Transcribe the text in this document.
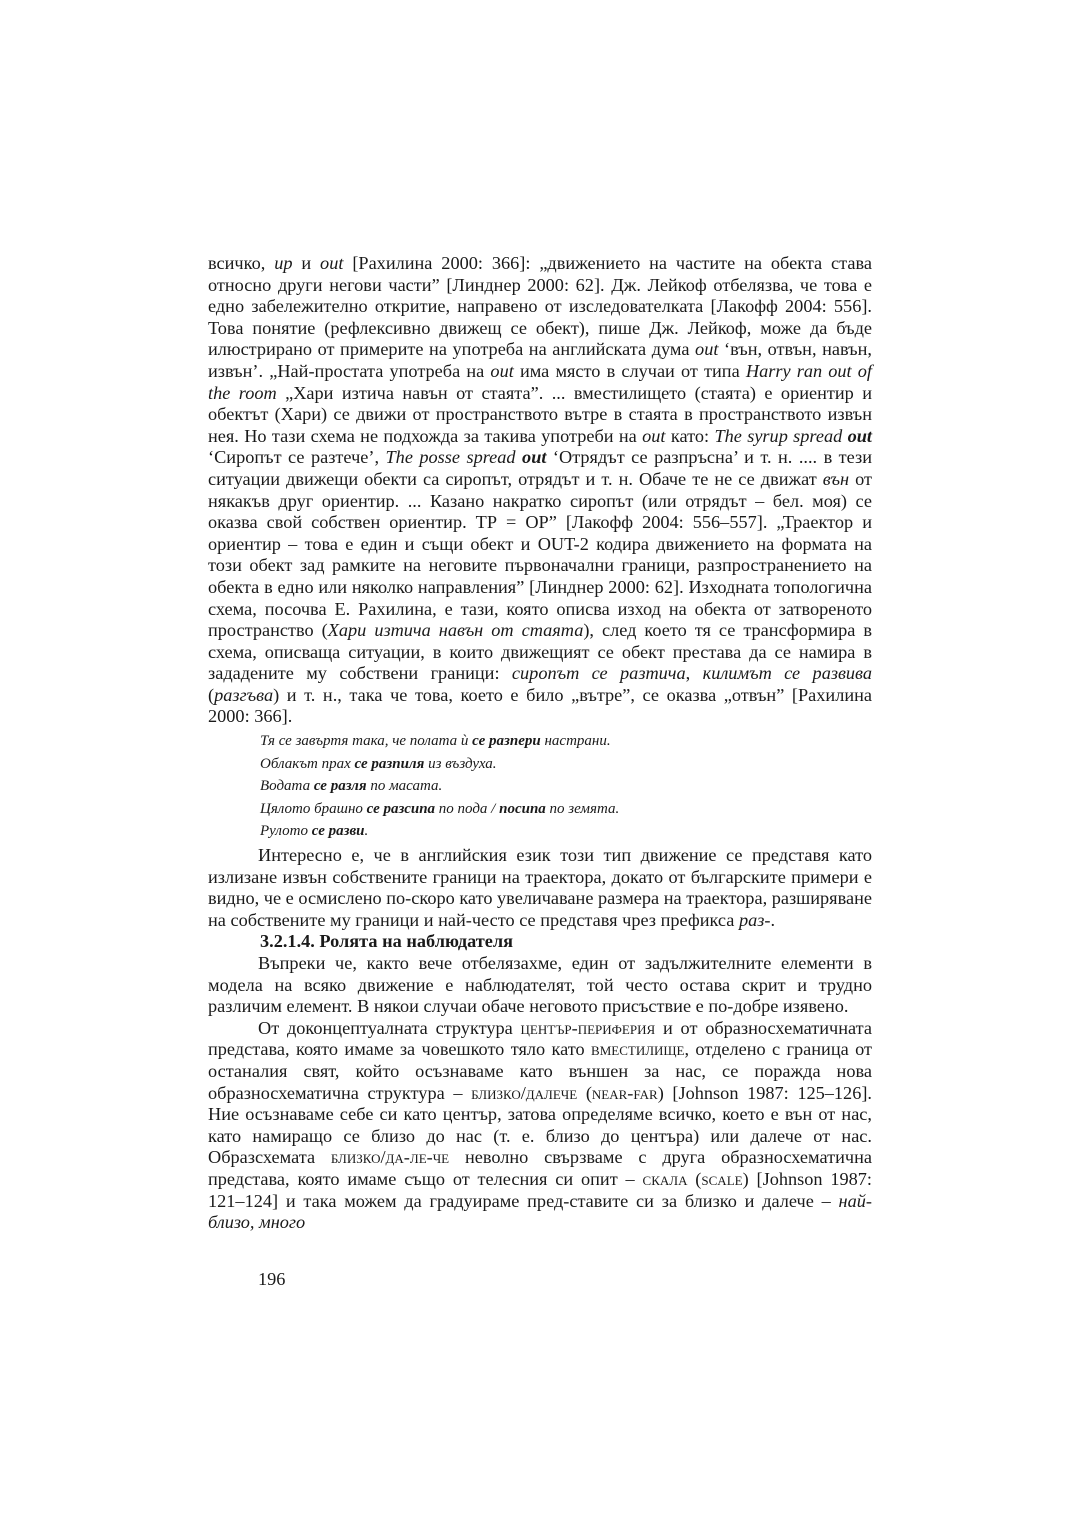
всичко, up и out [Рахилина 2000: 366]: „движението на частите на обекта става относно други негови части” [Линднер 2000: 62]. Дж. Лейкоф отбелязва, че това е едно забележително откритие, направено от изследователката [Лакофф 2004: 556]. Това понятие (рефлексивно движещ се обект), пише Дж. Лейкоф, може да бъде илюстрирано от примерите на употреба на английската дума out ‘вън, отвън, навън, извън’. „Най-простата употреба на out има място в случаи от типа Harry ran out of the room „Хари изтича навън от стаята”. ... вместилището (стаята) е ориентир и обектът (Хари) се движи от пространството вътре в стаята в пространството извън нея. Но тази схема не подхожда за такива употреби на out като: The syrup spread out ‘Сиропът се разтече’, The posse spread out ‘Отрядът се разпръсна’ и т. н. .... в тези ситуации движещи обекти са сиропът, отрядът и т. н. Обаче те не се движат вън от някакъв друг ориентир. ... Казано накратко сиропът (или отрядът – бел. моя) се оказва свой собствен ориентир. ТР = ОР” [Лакофф 2004: 556–557]. „Траектор и ориентир – това е един и същи обект и OUT-2 кодира движението на формата на този обект зад рамките на неговите първоначални граници, разпространението на обекта в едно или няколко направления” [Линднер 2000: 62]. Изходната топологична схема, посочва Е. Рахилина, е тази, която описва изход на обекта от затвореното пространство (Хари изтича навън от стаята), след което тя се трансформира в схема, описваща ситуации, в които движещият се обект престава да се намира в зададените му собствени граници: сиропът се разтича, килимът се развива (разгъва) и т. н., така че това, което е било „вътре”, се оказва „отвън” [Рахилина 2000: 366].

Тя се завъртя така, че полата ѝ се разпери настрани.

Облакът прах се разпиля из въздуха.

Водата се разля по масата.

Цялото брашно се разсипа по пода / посипа по земята.

Рулото се разви.

Интересно е, че в английския език този тип движение се представя като излизане извън собствените граници на траектора, докато от българските примери е видно, че е осмислено по-скоро като увеличаване размера на траектора, разширяване на собствените му граници и най-често се представя чрез префикса раз-.

3.2.1.4. Ролята на наблюдателя

Въпреки че, както вече отбелязахме, един от задължителните елементи в модела на всяко движение е наблюдателят, той често остава скрит и трудно различим елемент. В някои случаи обаче неговото присъствие е по-добре изявено.

От доконцептуалната структура център-периферия и от образносхематичната представа, която имаме за човешкото тяло като вместилище, отделено с граница от останалия свят, който осъзнаваме като външен за нас, се поражда нова образносхематична структура – близко/далече (near-far) [Johnson 1987: 125–126]. Ние осъзнаваме себе си като център, затова определяме всичко, което е вън от нас, като намиращо се близо до нас (т. е. близо до центъра) или далече от нас. Образсхемата близко/да-ле-че неволно свързваме с друга образносхематична представа, която имаме също от телесния си опит – скала (scale) [Johnson 1987: 121–124] и така можем да градуираме пред-ставите си за близко и далече – най-близо, много

196
